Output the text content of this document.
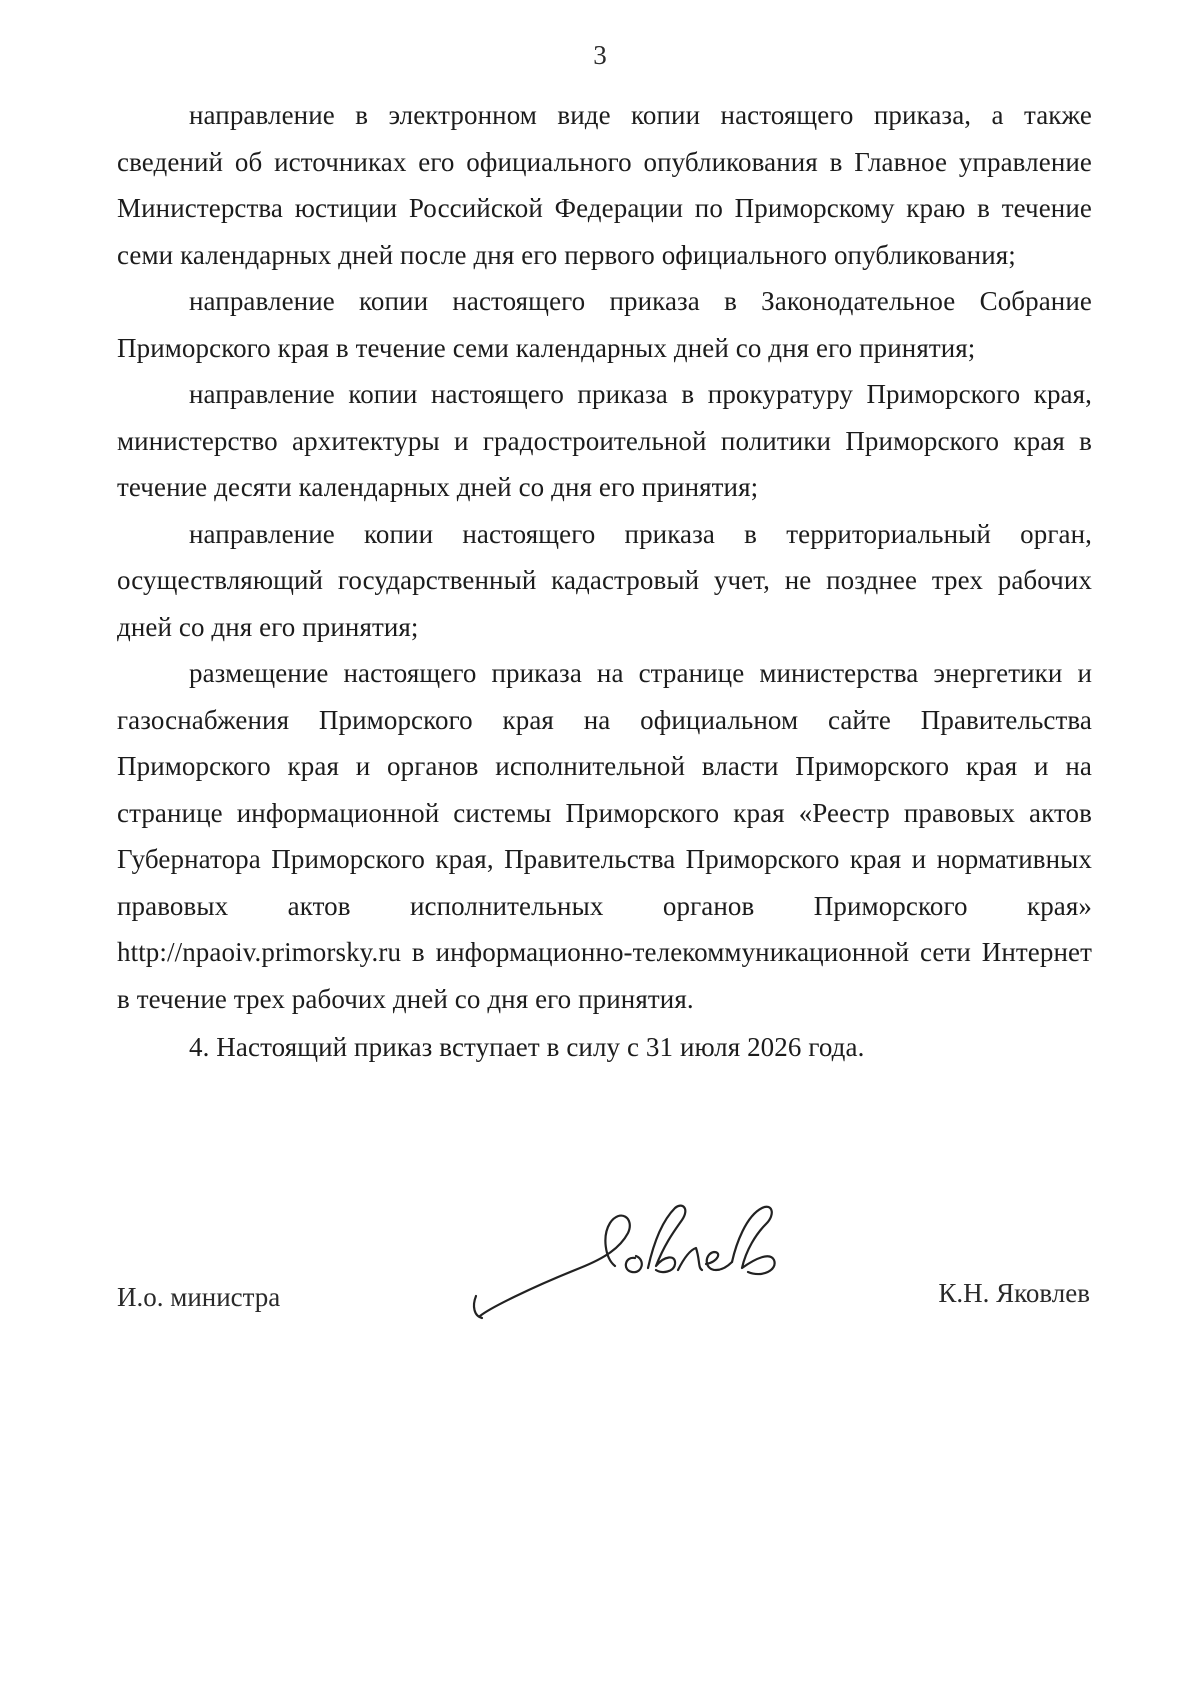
3

направление в электронном виде копии настоящего приказа, а также сведений об источниках его официального опубликования в Главное управление Министерства юстиции Российской Федерации по Приморскому краю в течение семи календарных дней после дня его первого официального опубликования;

направление копии настоящего приказа в Законодательное Собрание Приморского края в течение семи календарных дней со дня его принятия;

направление копии настоящего приказа в прокуратуру Приморского края, министерство архитектуры и градостроительной политики Приморского края в течение десяти календарных дней со дня его принятия;

направление копии настоящего приказа в территориальный орган, осуществляющий государственный кадастровый учет, не позднее трех рабочих дней со дня его принятия;

размещение настоящего приказа на странице министерства энергетики и газоснабжения Приморского края на официальном сайте Правительства Приморского края и органов исполнительной власти Приморского края и на странице информационной системы Приморского края «Реестр правовых актов Губернатора Приморского края, Правительства Приморского края и нормативных правовых актов исполнительных органов Приморского края» http://npaoiv.primorsky.ru в информационно-телекоммуникационной сети Интернет в течение трех рабочих дней со дня его принятия.

4. Настоящий приказ вступает в силу с 31 июля 2026 года.

И.о. министра	К.Н. Яковлев
